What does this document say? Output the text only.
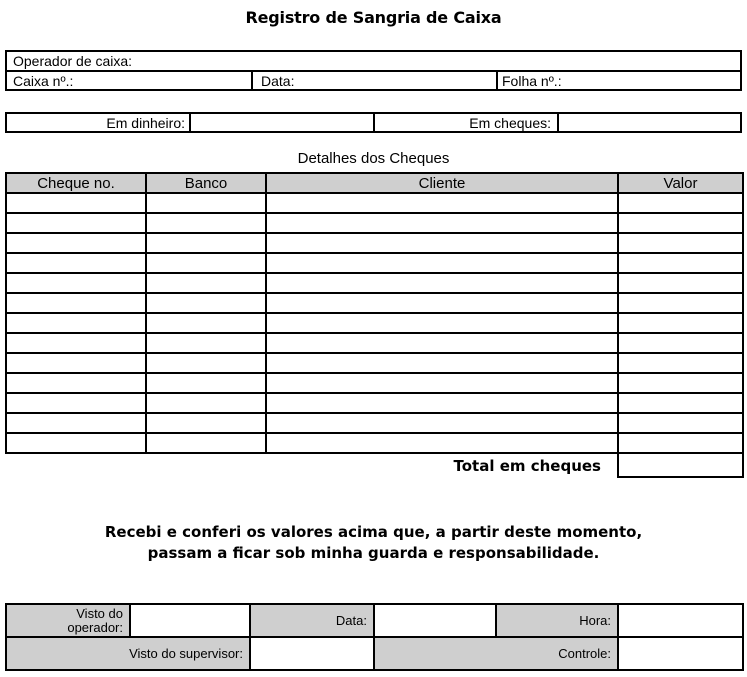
Registro de Sangria de Caixa
Operador de caixa:
Caixa nº.:	Data:	Folha nº.:
Em dinheiro:	Em cheques:
Detalhes dos Cheques
Cheque no.	Banco	Cliente	Valor

Total em cheques			
Recebi e conferi os valores acima que, a partir deste momento,
passam a ficar sob minha guarda e responsabilidade.
Visto do
operador:		Data:		Hora:	
Visto do supervisor:			Controle:		
